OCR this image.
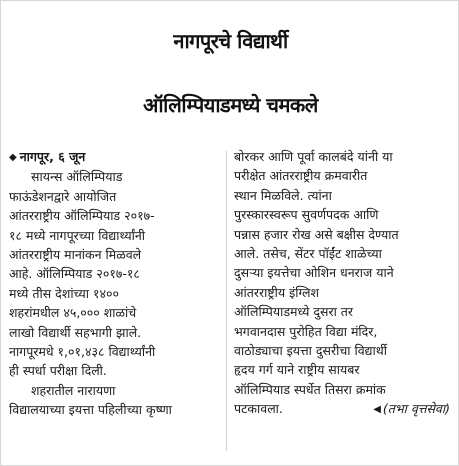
नागपूरचे विद्यार्थी
ऑलिम्पियाडमध्ये चमकले
◆ नागपूर, ६ जून
सायन्स ऑलिम्पियाड
फाऊंडेशनद्वारे आयोजित
आंतरराष्ट्रीय ऑलिम्पियाड २०१७-
१८ मध्ये नागपूरच्या विद्यार्थ्यांनी
आंतरराष्ट्रीय मानांकन मिळवले
आहे. ऑलिम्पियाड २०१७-१८
मध्ये तीस देशांच्या १४००
शहरांमधील ४५,००० शाळांचे
लाखो विद्यार्थी सहभागी झाले.
नागपूरमधे १,०१,४३८ विद्यार्थ्यांनी
ही स्पर्धा परीक्षा दिली.
शहरातील नारायणा
विद्यालयाच्या इयत्ता पहिलीच्या कृष्णा
बोरकर आणि पूर्वा कालबंदे यांनी या
परीक्षेत आंतरराष्ट्रीय क्रमवारीत
स्थान मिळविले. त्यांना
पुरस्कारस्वरूप सुवर्णपदक आणि
पन्नास हजार रोख असे बक्षीस देण्यात
आले. तसेच, सेंटर पॉईंट शाळेच्या
दुसऱ्या इयत्तेचा ओशिन धनराज याने
आंतरराष्ट्रीय इंग्लिश
ऑलिम्पियाडमध्ये दुसरा तर
भगवानदास पुरोहित विद्या मंदिर,
वाठोड्याचा इयत्ता दुसरीचा विद्यार्थी
हृदय गर्ग याने राष्ट्रीय सायबर
ऑलिम्पियाड स्पर्धेत तिसरा क्रमांक
पटकावला.	◀ (तभा वृत्तसेवा)
